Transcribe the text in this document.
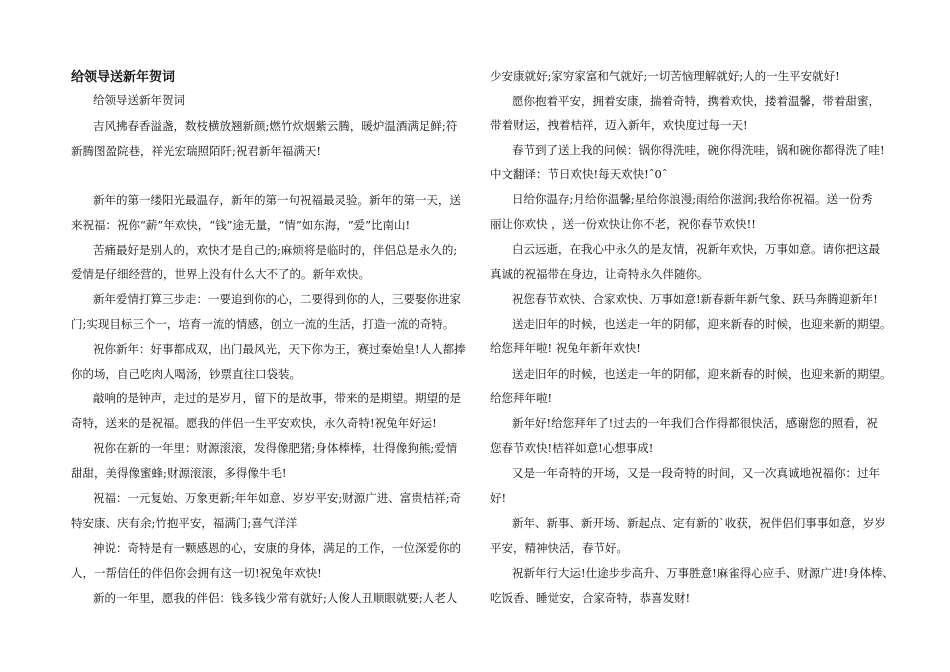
给领导送新年贺词
给领导送新年贺词
吉风拂春香溢盏，数枝横放翘新颜;燃竹炊烟紫云腾，暖炉温酒满足鲜;符
新腾图盈院巷，祥光宏瑞照陌阡;祝君新年福满天!
新年的第一缕阳光最温存，新年的第一句祝福最灵验。新年的第一天，送
来祝福：祝你“薪”年欢快，“钱”途无量，“情”如东海，“爱”比南山!
苦痛最好是别人的，欢快才是自己的;麻烦将是临时的，伴侣总是永久的;
爱情是仔细经营的，世界上没有什么大不了的。新年欢快。
新年爱情打算三步走：一要追到你的心，二要得到你的人，三要娶你进家
门;实现目标三个一，培育一流的情感，创立一流的生活，打造一流的奇特。
祝你新年：好事都成双，出门最风光，天下你为王，赛过秦始皇!人人都捧
你的场，自己吃肉人喝汤，钞票直往口袋装。
敲响的是钟声，走过的是岁月，留下的是故事，带来的是期望。期望的是
奇特，送来的是祝福。愿我的伴侣一生平安欢快，永久奇特!祝兔年好运!
祝你在新的一年里：财源滚滚，发得像肥猪;身体棒棒，壮得像狗熊;爱情
甜甜，美得像蜜蜂;财源滚滚，多得像牛毛!
祝福：一元复始、万象更新;年年如意、岁岁平安;财源广进、富贵桔祥;奇
特安康、庆有余;竹抱平安，福满门;喜气洋洋
神说：奇特是有一颗感恩的心，安康的身体，满足的工作，一位深爱你的
人，一帮信任的伴侣你会拥有这一切!祝兔年欢快!
新的一年里，愿我的伴侣：钱多钱少常有就好;人俊人丑顺眼就要;人老人
少安康就好;家穷家富和气就好;一切苦恼理解就好;人的一生平安就好!
愿你抱着平安，拥着安康，揣着奇特，携着欢快，搂着温馨，带着甜蜜，
带着财运，拽着桔祥，迈入新年，欢快度过每一天!
春节到了送上我的问候：锅你得洗哇，碗你得洗哇，锅和碗你都得洗了哇!
中文翻译：节日欢快!每天欢快!ˆ0ˆ
日给你温存;月给你温馨;星给你浪漫;雨给你滋润;我给你祝福。送一份秀
丽让你欢快 ，送一份欢快让你不老，祝你春节欢快!!
白云远逝，在我心中永久的是友情，祝新年欢快，万事如意。请你把这最
真诚的祝福带在身边，让奇特永久伴随你。
祝您春节欢快、合家欢快、万事如意!新春新年新气象、跃马奔腾迎新年!
送走旧年的时候，也送走一年的阴郁，迎来新春的时候，也迎来新的期望。
给您拜年啦! 祝兔年新年欢快!
送走旧年的时候，也送走一年的阴郁，迎来新春的时候，也迎来新的期望。
给您拜年啦!
新年好!给您拜年了!过去的一年我们合作得都很快活，感谢您的照看，祝
您春节欢快!桔祥如意!心想事成!
又是一年奇特的开场，又是一段奇特的时间，又一次真诚地祝福你：过年
好!
新年、新事、新开场、新起点、定有新的`收获，祝伴侣们事事如意，岁岁
平安，精神快活，春节好。
祝新年行大运!仕途步步高升、万事胜意!麻雀得心应手、财源广进!身体棒、
吃饭香、睡觉安，合家奇特，恭喜发财!
